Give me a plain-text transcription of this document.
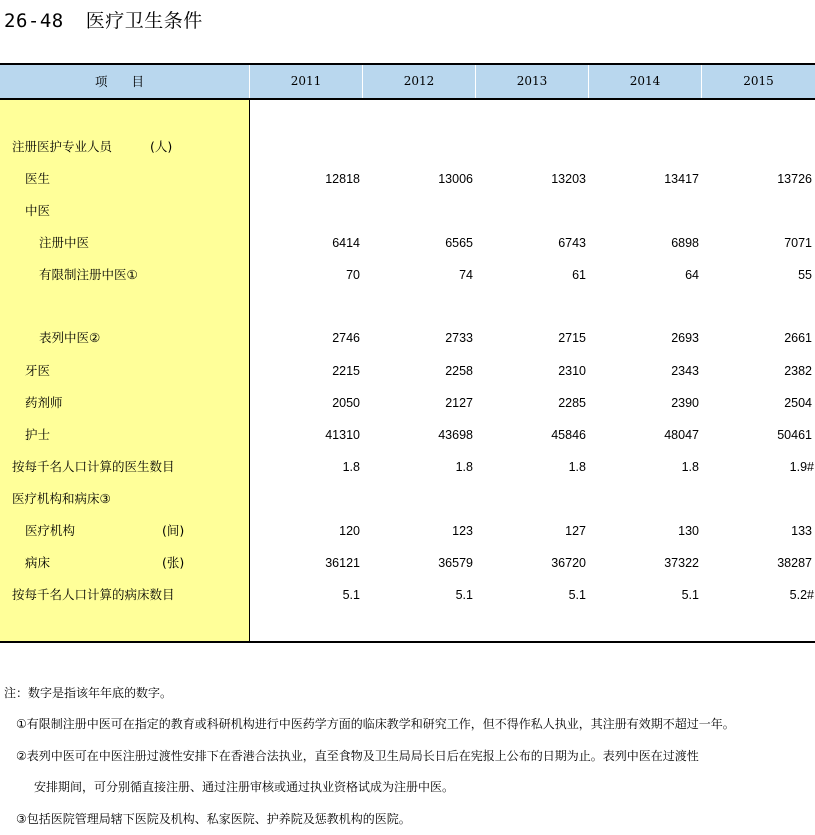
26-48 医疗卫生条件
项 目	2011	2012	2013	2014	2015
注册医护专业人员	(人)
医生	12818	13006	13203	13417	13726
中医
注册中医	6414	6565	6743	6898	7071
有限制注册中医①	70	74	61	64	55
表列中医②	2746	2733	2715	2693	2661
牙医	2215	2258	2310	2343	2382
药剂师	2050	2127	2285	2390	2504
护士	41310	43698	45846	48047	50461
按每千名人口计算的医生数目	1.8	1.8	1.8	1.8	1.9#
医疗机构和病床③
医疗机构	(间)	120	123	127	130	133
病床	(张)	36121	36579	36720	37322	38287
按每千名人口计算的病床数目	5.1	5.1	5.1	5.1	5.2#
注：数字是指该年年底的数字。
①有限制注册中医可在指定的教育或科研机构进行中医药学方面的临床教学和研究工作，但不得作私人执业，其注册有效期不超过一年。
②表列中医可在中医注册过渡性安排下在香港合法执业，直至食物及卫生局局长日后在宪报上公布的日期为止。表列中医在过渡性
安排期间，可分别循直接注册、通过注册审核或通过执业资格试成为注册中医。
③包括医院管理局辖下医院及机构、私家医院、护养院及惩教机构的医院。
